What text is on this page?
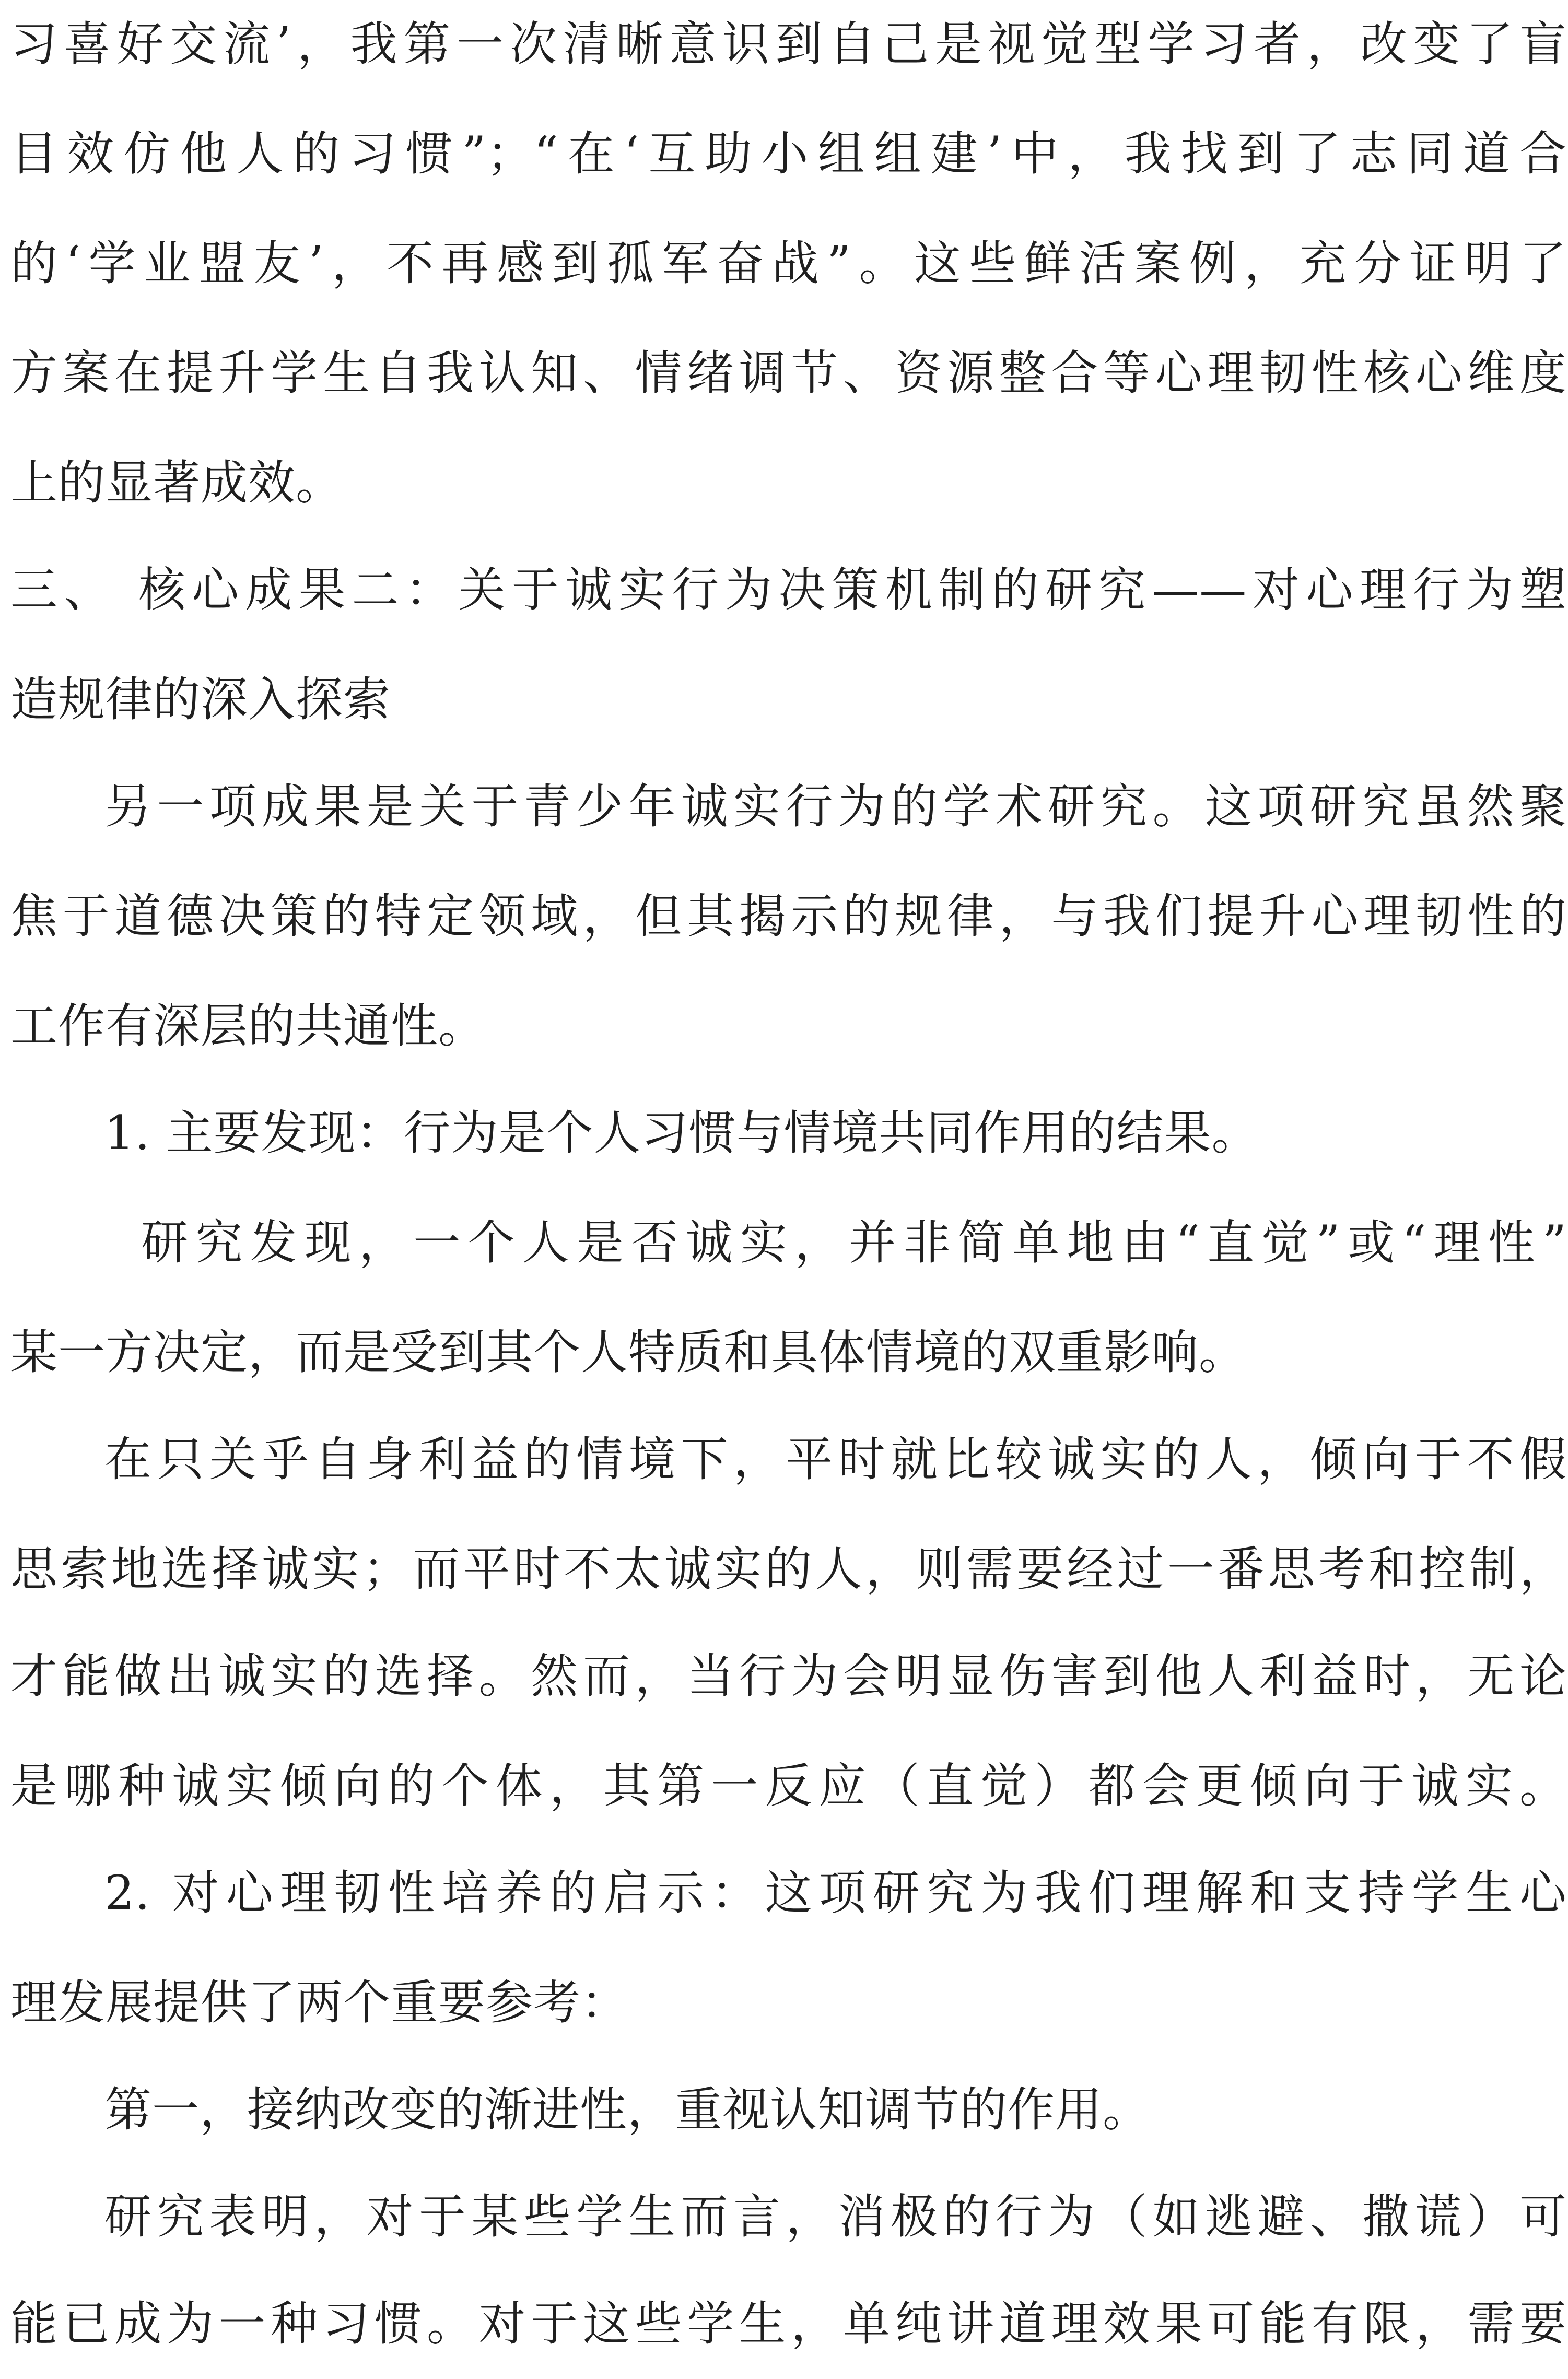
习喜好交流’，我第一次清晰意识到自己是视觉型学习者，改变了盲
目效仿他人的习惯”；“在‘互助小组组建’中，我找到了志同道合
的‘学业盟友’，不再感到孤军奋战”。这些鲜活案例，充分证明了
方案在提升学生自我认知、情绪调节、资源整合等心理韧性核心维度
上的显著成效。
三、 核心成果二：关于诚实行为决策机制的研究——对心理行为塑
造规律的深入探索
另一项成果是关于青少年诚实行为的学术研究。这项研究虽然聚
焦于道德决策的特定领域，但其揭示的规律，与我们提升心理韧性的
工作有深层的共通性。
1. 主要发现：行为是个人习惯与情境共同作用的结果。
研究发现，一个人是否诚实，并非简单地由“直觉”或“理性”
某一方决定，而是受到其个人特质和具体情境的双重影响。
在只关乎自身利益的情境下，平时就比较诚实的人，倾向于不假
思索地选择诚实；而平时不太诚实的人，则需要经过一番思考和控制，
才能做出诚实的选择。然而，当行为会明显伤害到他人利益时，无论
是哪种诚实倾向的个体，其第一反应（直觉）都会更倾向于诚实。
2. 对心理韧性培养的启示：这项研究为我们理解和支持学生心
理发展提供了两个重要参考：
第一，接纳改变的渐进性，重视认知调节的作用。
研究表明，对于某些学生而言，消极的行为（如逃避、撒谎）可
能已成为一种习惯。对于这些学生，单纯讲道理效果可能有限，需要
